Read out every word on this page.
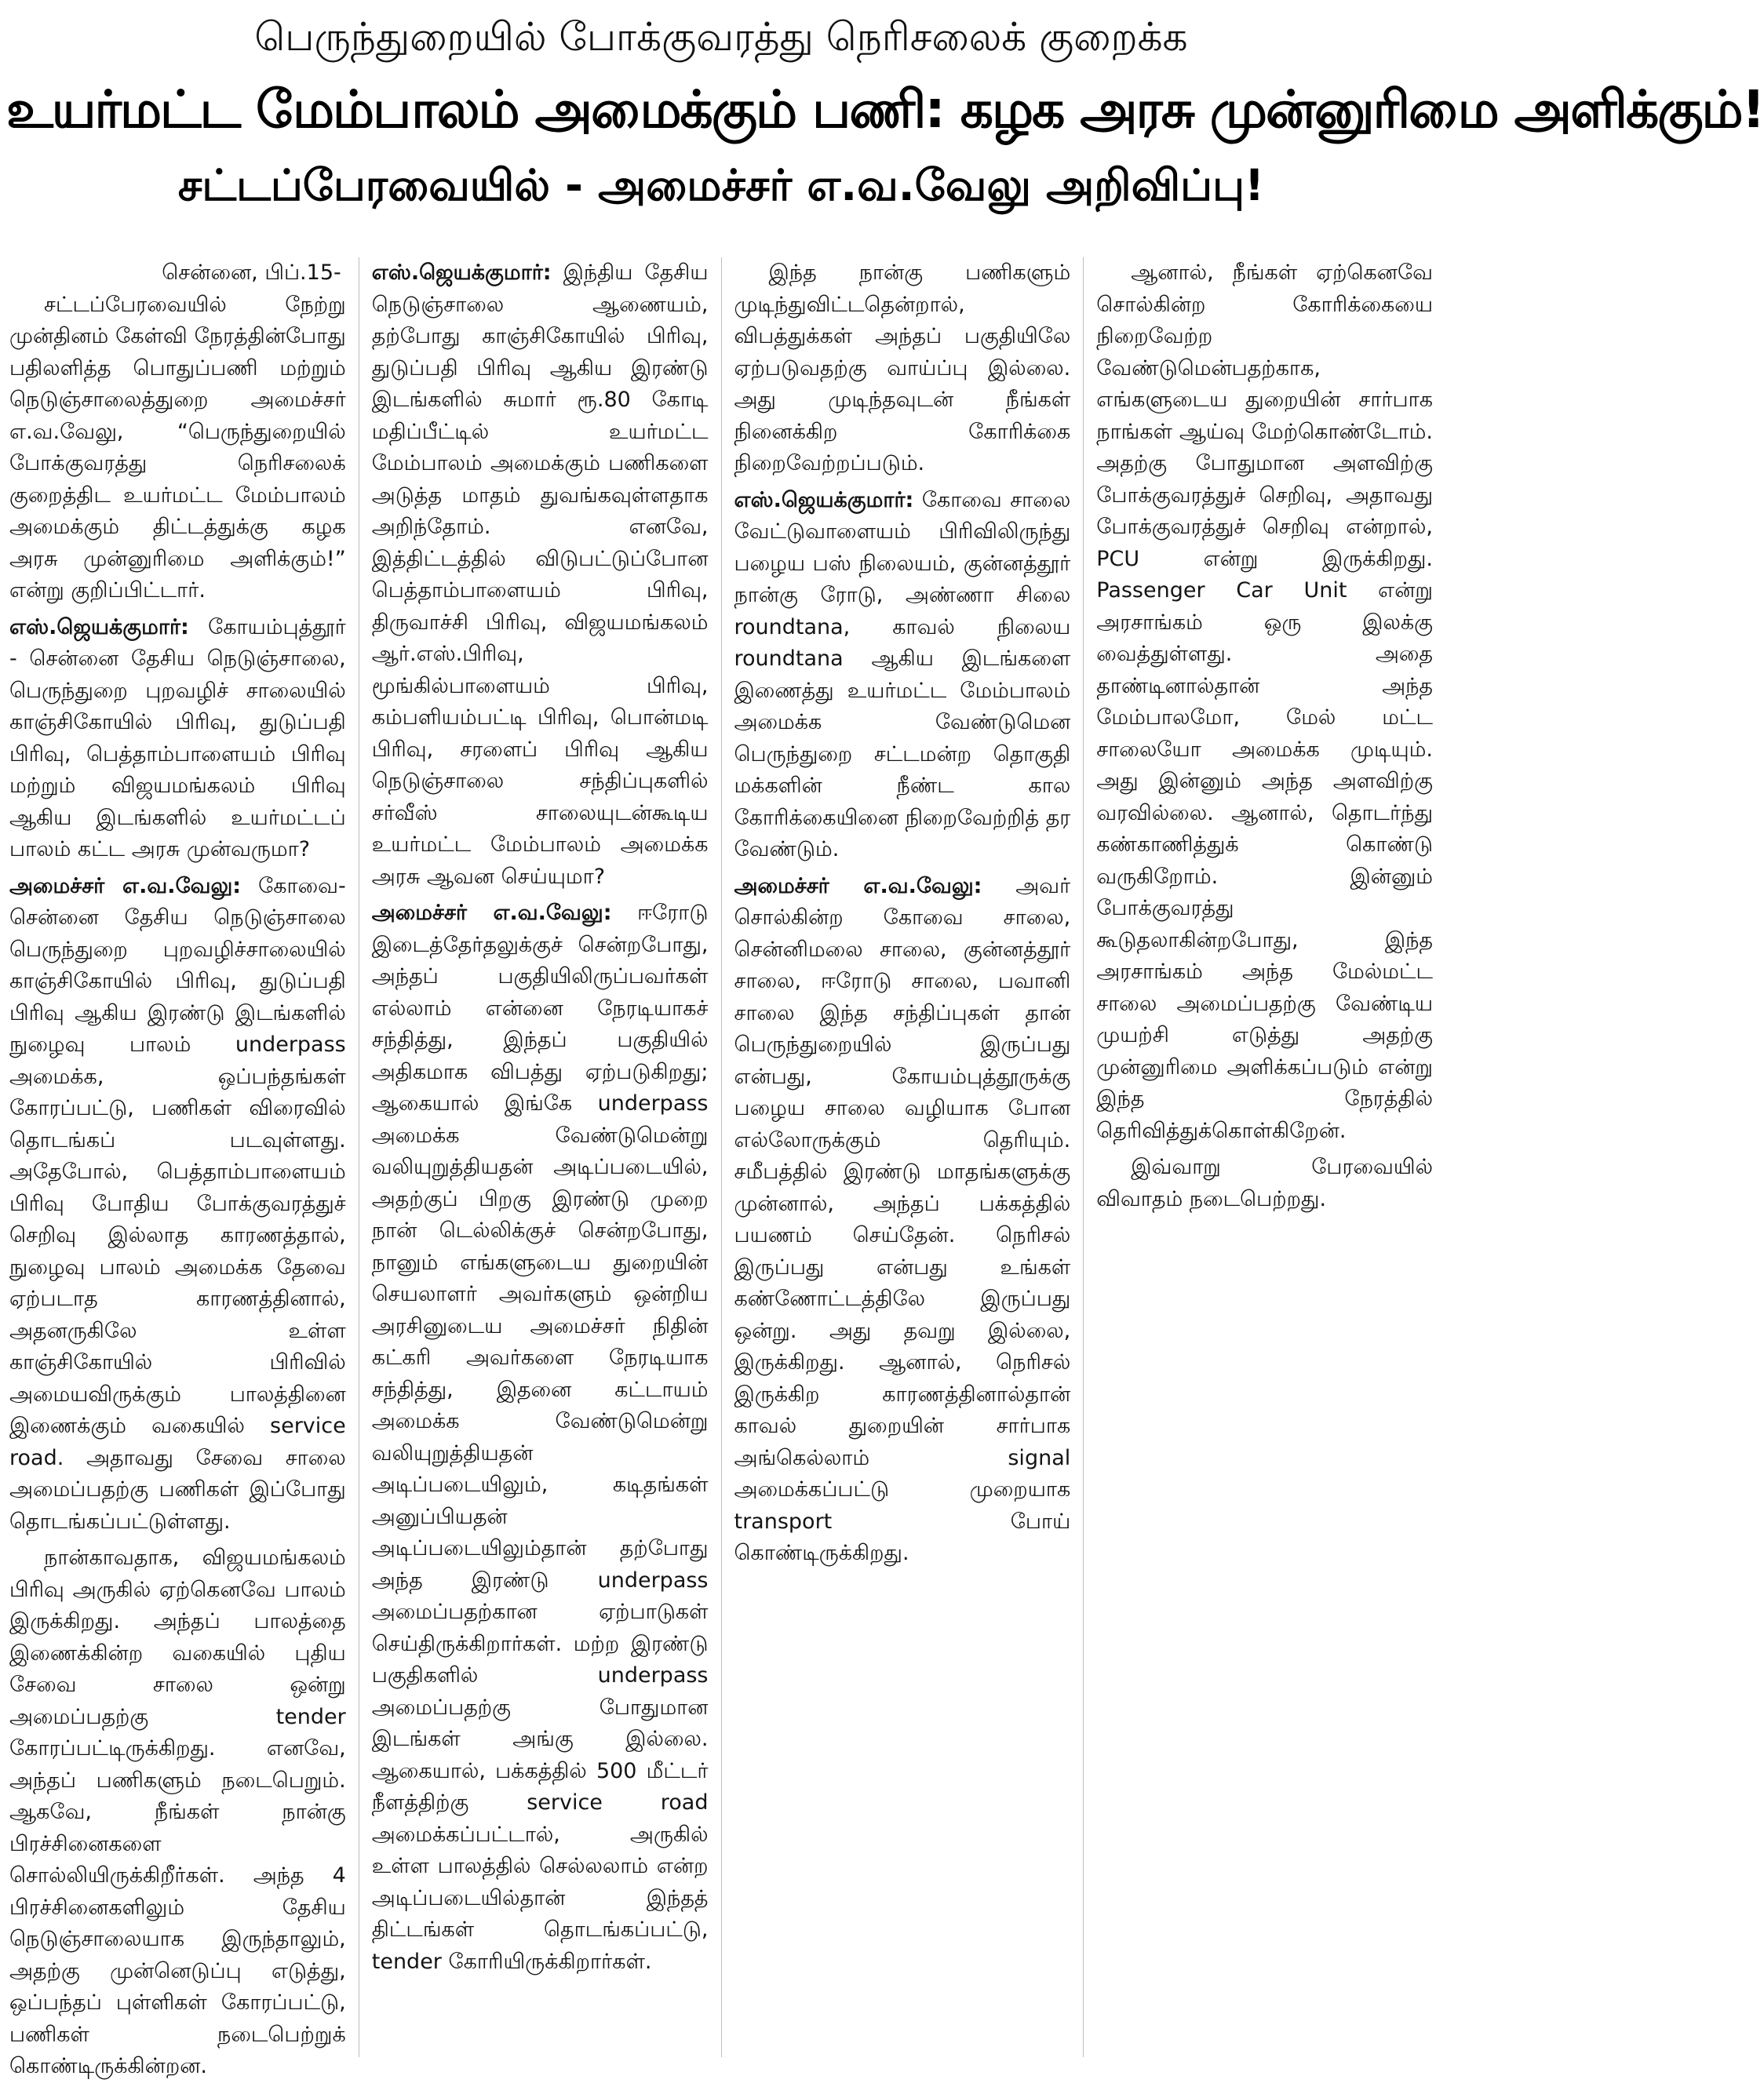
பெருந்துறையில் போக்குவரத்து நெரிசலைக் குறைக்க
உயர்மட்ட மேம்பாலம் அமைக்கும் பணி: கழக அரசு முன்னுரிமை அளிக்கும்!
சட்டப்பேரவையில் - அமைச்சர் எ.வ.வேலு அறிவிப்பு!

சென்னை, பிப்.15-

சட்டப்பேரவையில் நேற்று முன்தினம் கேள்வி நேரத்தின்போது பதிலளித்த பொதுப்பணி மற்றும் நெடுஞ்சாலைத்துறை அமைச்சர் எ.வ.வேலு, “பெருந்துறையில் போக்குவரத்து நெரிசலைக் குறைத்திட உயர்மட்ட மேம்பாலம் அமைக்கும் திட்டத்துக்கு கழக அரசு முன்னுரிமை அளிக்கும்!” என்று குறிப்பிட்டார்.

எஸ்.ஜெயக்குமார்: கோயம்புத்தூர் - சென்னை தேசிய நெடுஞ்சாலை, பெருந்துறை புறவழிச் சாலையில் காஞ்சிகோயில் பிரிவு, துடுப்பதி பிரிவு, பெத்தாம்பாளையம் பிரிவு மற்றும் விஜயமங்கலம் பிரிவு ஆகிய இடங்களில் உயர்மட்டப் பாலம் கட்ட அரசு முன்வருமா?

அமைச்சர் எ.வ.வேலு: கோவை-சென்னை தேசிய நெடுஞ்சாலை பெருந்துறை புறவழிச்சாலையில் காஞ்சிகோயில் பிரிவு, துடுப்பதி பிரிவு ஆகிய இரண்டு இடங்களில் நுழைவு பாலம் underpass அமைக்க, ஒப்பந்தங்கள் கோரப்பட்டு, பணிகள் விரைவில் தொடங்கப் படவுள்ளது. அதேபோல், பெத்தாம்பாளையம் பிரிவு போதிய போக்குவரத்துச் செறிவு இல்லாத காரணத்தால், நுழைவு பாலம் அமைக்க தேவை ஏற்படாத காரணத்தினால், அதனருகிலே உள்ள காஞ்சிகோயில் பிரிவில் அமையவிருக்கும் பாலத்தினை இணைக்கும் வகையில் service road. அதாவது சேவை சாலை அமைப்பதற்கு பணிகள் இப்போது தொடங்கப்பட்டுள்ளது.

நான்காவதாக, விஜயமங்கலம் பிரிவு அருகில் ஏற்கெனவே பாலம் இருக்கிறது. அந்தப் பாலத்தை இணைக்கின்ற வகையில் புதிய சேவை சாலை ஒன்று அமைப்பதற்கு tender கோரப்பட்டிருக்கிறது. எனவே, அந்தப் பணிகளும் நடைபெறும். ஆகவே, நீங்கள் நான்கு பிரச்சினைகளை சொல்லியிருக்கிறீர்கள். அந்த 4 பிரச்சினைகளிலும் தேசிய நெடுஞ்சாலையாக இருந்தாலும், அதற்கு முன்னெடுப்பு எடுத்து, ஒப்பந்தப் புள்ளிகள் கோரப்பட்டு, பணிகள் நடைபெற்றுக் கொண்டிருக்கின்றன.

எஸ்.ஜெயக்குமார்: இந்திய தேசிய நெடுஞ்சாலை ஆணையம், தற்போது காஞ்சிகோயில் பிரிவு, துடுப்பதி பிரிவு ஆகிய இரண்டு இடங்களில் சுமார் ரூ.80 கோடி மதிப்பீட்டில் உயர்மட்ட மேம்பாலம் அமைக்கும் பணிகளை அடுத்த மாதம் துவங்கவுள்ளதாக அறிந்தோம். எனவே, இத்திட்டத்தில் விடுபட்டுப்போன பெத்தாம்பாளையம் பிரிவு, திருவாச்சி பிரிவு, விஜயமங்கலம் ஆர்.எஸ்.பிரிவு, மூங்கில்பாளையம் பிரிவு, கம்பளியம்பட்டி பிரிவு, பொன்மடி பிரிவு, சரளைப் பிரிவு ஆகிய நெடுஞ்சாலை சந்திப்புகளில் சர்வீஸ் சாலையுடன்கூடிய உயர்மட்ட மேம்பாலம் அமைக்க அரசு ஆவன செய்யுமா?

அமைச்சர் எ.வ.வேலு: ஈரோடு இடைத்தேர்தலுக்குச் சென்றபோது, அந்தப் பகுதியிலிருப்பவர்கள் எல்லாம் என்னை நேரடியாகச் சந்தித்து, இந்தப் பகுதியில் அதிகமாக விபத்து ஏற்படுகிறது; ஆகையால் இங்கே underpass அமைக்க வேண்டுமென்று வலியுறுத்தியதன் அடிப்படையில், அதற்குப் பிறகு இரண்டு முறை நான் டெல்லிக்குச் சென்றபோது, நானும் எங்களுடைய துறையின் செயலாளர் அவர்களும் ஒன்றிய அரசினுடைய அமைச்சர் நிதின் கட்கரி அவர்களை நேரடியாக சந்தித்து, இதனை கட்டாயம் அமைக்க வேண்டுமென்று வலியுறுத்தியதன் அடிப்படையிலும், கடிதங்கள் அனுப்பியதன் அடிப்படையிலும்தான் தற்போது அந்த இரண்டு underpass அமைப்பதற்கான ஏற்பாடுகள் செய்திருக்கிறார்கள். மற்ற இரண்டு பகுதிகளில் underpass அமைப்பதற்கு போதுமான இடங்கள் அங்கு இல்லை. ஆகையால், பக்கத்தில் 500 மீட்டர் நீளத்திற்கு service road அமைக்கப்பட்டால், அருகில் உள்ள பாலத்தில் செல்லலாம் என்ற அடிப்படையில்தான் இந்தத் திட்டங்கள் தொடங்கப்பட்டு, tender கோரியிருக்கிறார்கள்.

இந்த நான்கு பணிகளும் முடிந்துவிட்டதென்றால், விபத்துக்கள் அந்தப் பகுதியிலே ஏற்படுவதற்கு வாய்ப்பு இல்லை. அது முடிந்தவுடன் நீங்கள் நினைக்கிற கோரிக்கை நிறைவேற்றப்படும்.

எஸ்.ஜெயக்குமார்: கோவை சாலை வேட்டுவாளையம் பிரிவிலிருந்து பழைய பஸ் நிலையம், குன்னத்தூர் நான்கு ரோடு, அண்ணா சிலை roundtana, காவல் நிலைய roundtana ஆகிய இடங்களை இணைத்து உயர்மட்ட மேம்பாலம் அமைக்க வேண்டுமென பெருந்துறை சட்டமன்ற தொகுதி மக்களின் நீண்ட கால கோரிக்கையினை நிறைவேற்றித் தர வேண்டும்.

அமைச்சர் எ.வ.வேலு: அவர் சொல்கின்ற கோவை சாலை, சென்னிமலை சாலை, குன்னத்தூர் சாலை, ஈரோடு சாலை, பவானி சாலை இந்த சந்திப்புகள் தான் பெருந்துறையில் இருப்பது என்பது, கோயம்புத்தூருக்கு பழைய சாலை வழியாக போன எல்லோருக்கும் தெரியும். சமீபத்தில் இரண்டு மாதங்களுக்கு முன்னால், அந்தப் பக்கத்தில் பயணம் செய்தேன். நெரிசல் இருப்பது என்பது உங்கள் கண்ணோட்டத்திலே இருப்பது ஒன்று. அது தவறு இல்லை, இருக்கிறது. ஆனால், நெரிசல் இருக்கிற காரணத்தினால்தான் காவல் துறையின் சார்பாக அங்கெல்லாம் signal அமைக்கப்பட்டு முறையாக transport போய் கொண்டிருக்கிறது.

ஆனால், நீங்கள் ஏற்கெனவே சொல்கின்ற கோரிக்கையை நிறைவேற்ற வேண்டுமென்பதற்காக, எங்களுடைய துறையின் சார்பாக நாங்கள் ஆய்வு மேற்கொண்டோம். அதற்கு போதுமான அளவிற்கு போக்குவரத்துச் செறிவு, அதாவது போக்குவரத்துச் செறிவு என்றால், PCU என்று இருக்கிறது. Passenger Car Unit என்று அரசாங்கம் ஒரு இலக்கு வைத்துள்ளது. அதை தாண்டினால்தான் அந்த மேம்பாலமோ, மேல் மட்ட சாலையோ அமைக்க முடியும். அது இன்னும் அந்த அளவிற்கு வரவில்லை. ஆனால், தொடர்ந்து கண்காணித்துக் கொண்டு வருகிறோம். இன்னும் போக்குவரத்து கூடுதலாகின்றபோது, இந்த அரசாங்கம் அந்த மேல்மட்ட சாலை அமைப்பதற்கு வேண்டிய முயற்சி எடுத்து அதற்கு முன்னுரிமை அளிக்கப்படும் என்று இந்த நேரத்தில் தெரிவித்துக்கொள்கிறேன்.

இவ்வாறு பேரவையில் விவாதம் நடைபெற்றது.
